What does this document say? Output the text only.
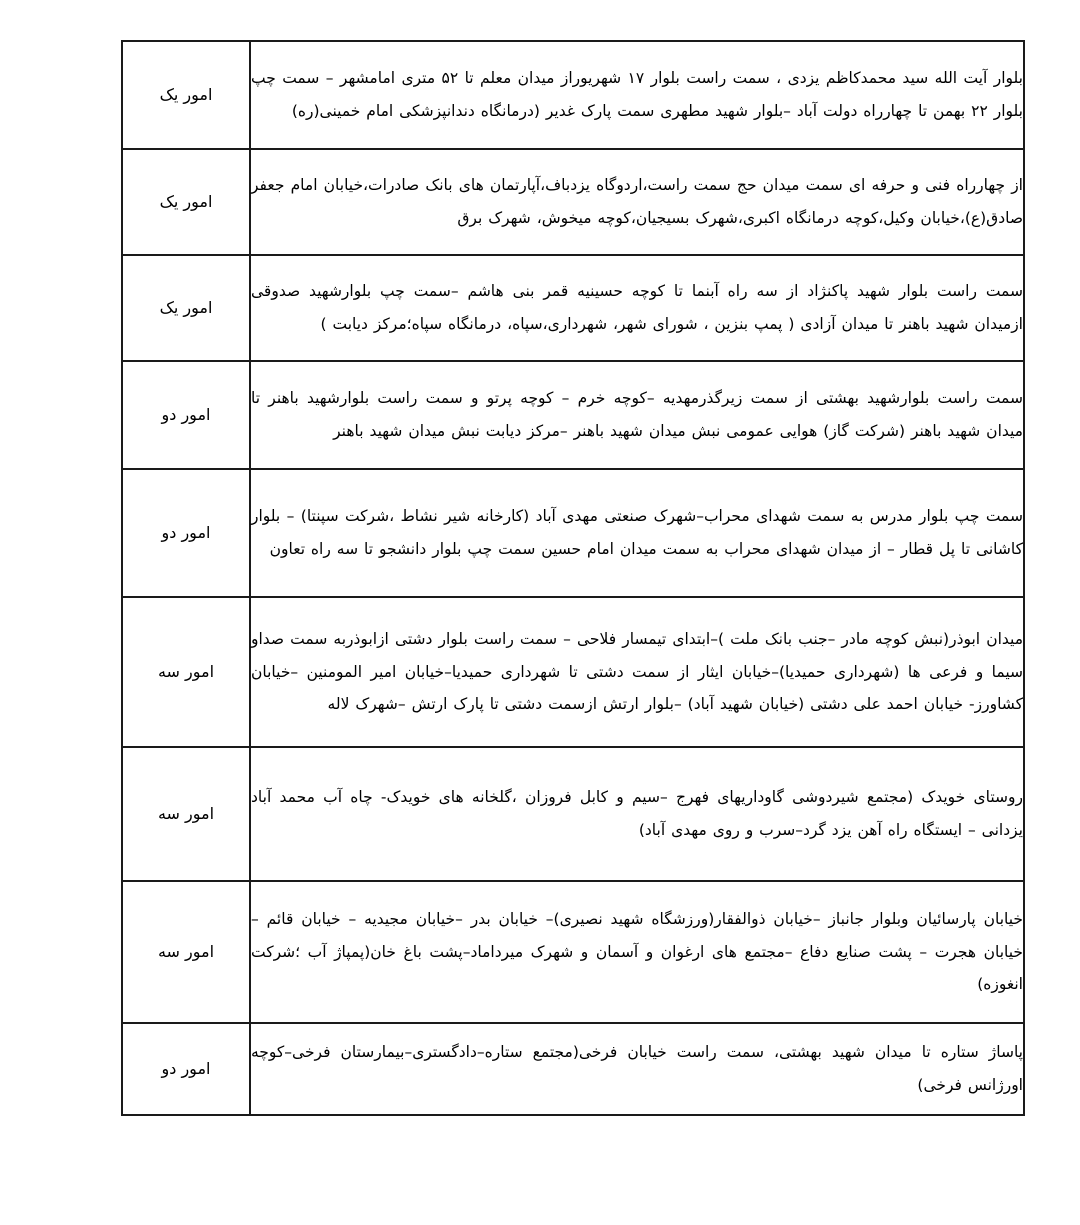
بلوار آیت الله سید محمدکاظم یزدی ، سمت راست بلوار ۱۷ شهریوراز میدان معلم تا ۵۲ متری امامشهر – سمت چپ بلوار ۲۲ بهمن تا چهارراه دولت آباد –بلوار شهید مطهری سمت پارک غدیر (درمانگاه دندانپزشکی امام خمینی(ره)	امور یک
از چهارراه فنی و حرفه ای سمت میدان حج سمت راست،اردوگاه یزدباف،آپارتمان های بانک صادرات،خیابان امام جعفر صادق(ع)،خیابان وکیل،کوچه درمانگاه اکبری،شهرک بسیجیان،کوچه میخوش، شهرک برق	امور یک
سمت راست بلوار شهید پاکنژاد از سه راه آبنما تا کوچه حسینیه قمر بنی هاشم –سمت چپ بلوارشهید صدوقی ازمیدان شهید باهنر تا میدان آزادی ( پمپ بنزین ، شورای شهر، شهرداری،سپاه، درمانگاه سپاه؛مرکز دیابت )	امور یک
سمت راست بلوارشهید بهشتی از سمت زیرگذرمهدیه –کوچه خرم – کوچه پرتو و سمت راست بلوارشهید باهنر تا میدان شهید باهنر (شرکت گاز) هوایی عمومی نبش میدان شهید باهنر –مرکز دیابت نبش میدان شهید باهنر	امور دو
سمت چپ بلوار مدرس به سمت شهدای محراب–شهرک صنعتی مهدی آباد (کارخانه شیر نشاط ،شرکت سپنتا) – بلوار کاشانی تا پل قطار – از میدان شهدای محراب به سمت میدان امام حسین سمت چپ بلوار دانشجو تا سه راه تعاون	امور دو
میدان ابوذر(نبش کوچه مادر –جنب بانک ملت )–ابتدای تیمسار فلاحی – سمت راست بلوار دشتی ازابوذربه سمت صداو سیما و فرعی ها (شهرداری حمیدیا)–خیابان ایثار از سمت دشتی تا شهرداری حمیدیا–خیابان امیر المومنین –خیابان کشاورز- خیابان احمد علی دشتی (خیابان شهید آباد) –بلوار ارتش ازسمت دشتی تا پارک ارتش –شهرک لاله	امور سه
روستای خویدک (مجتمع شیردوشی گاوداریهای فهرج –سیم و کابل فروزان ،گلخانه های خویدک- چاه آب محمد آباد یزدانی – ایستگاه راه آهن یزد گرد–سرب و روی مهدی آباد)	امور سه
خیابان پارسائیان وبلوار جانباز –خیابان ذوالفقار(ورزشگاه شهید نصیری)– خیابان بدر –خیابان مجیدیه – خیابان قائم –خیابان هجرت – پشت صنایع دفاع –مجتمع های ارغوان و آسمان و شهرک میرداماد–پشت باغ خان(پمپاژ آب ؛شرکت انغوزه)	امور سه
پاساژ ستاره تا میدان شهید بهشتی، سمت راست خیابان فرخی(مجتمع ستاره–دادگستری–بیمارستان فرخی–کوچه اورژانس فرخی)	امور دو
